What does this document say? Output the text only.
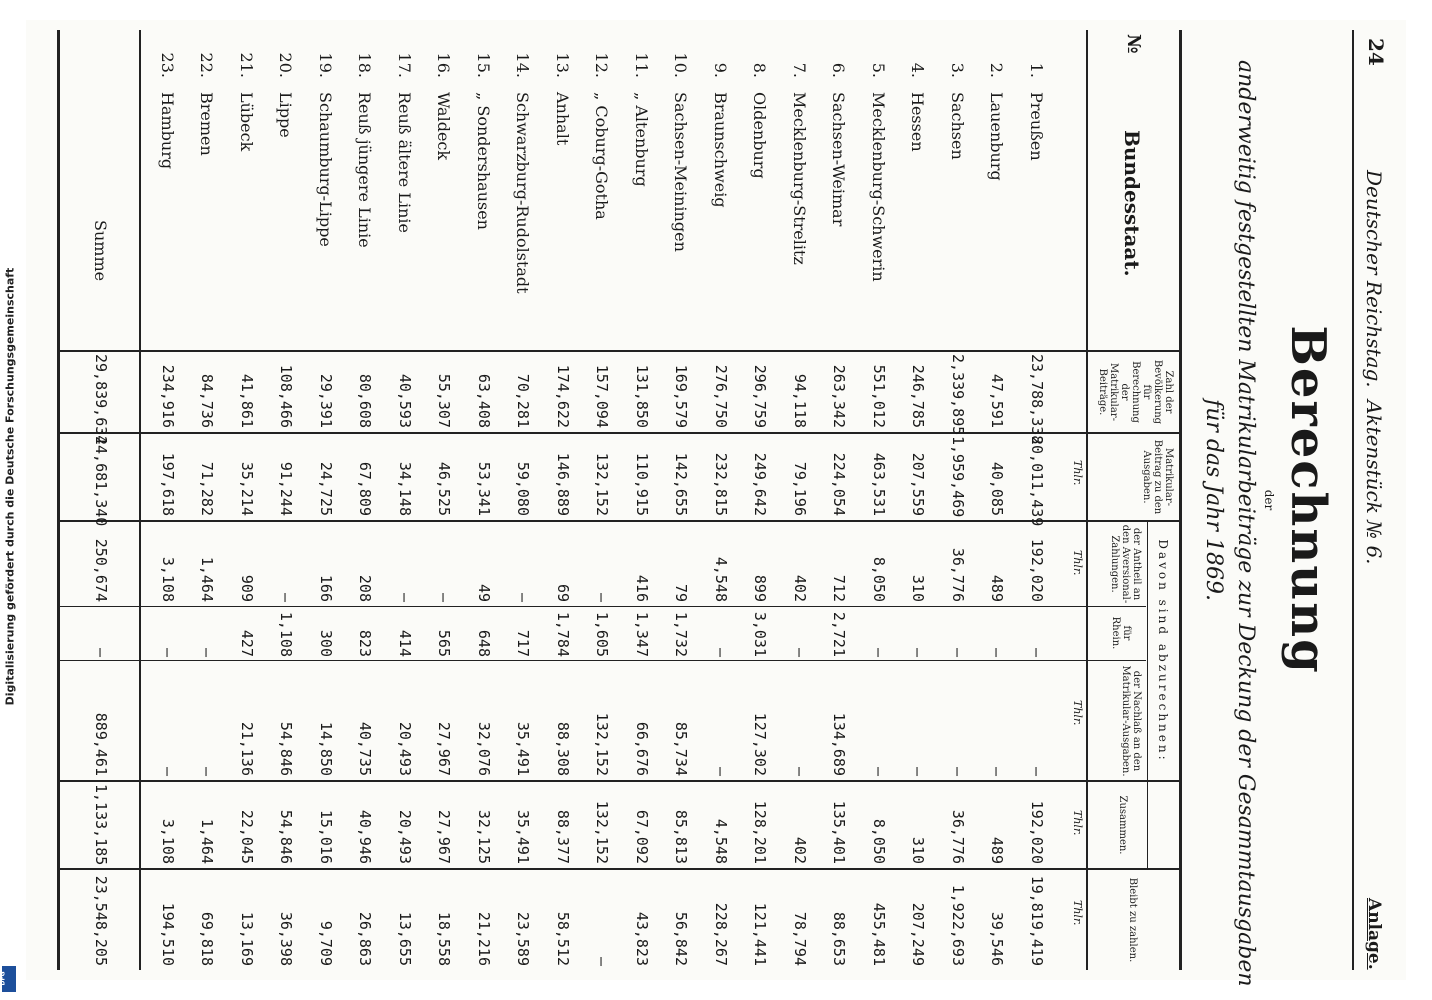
24
Deutscher Reichstag.
Aktenstück № 6.
Anlage.
Berechnung
der
anderweitig festgestellten Matrikularbeiträge zur Deckung der Gesammtausgaben
für das Jahr 1869.
№
Bundesstaat.
Zahl der Bevölkerung für Berechnung der Matrikular-Beiträge.
Matrikular-Beitrag zu den Ausgaben.
Davon sind abzurechnen:
der Antheil an den Aversional-Zahlungen.
für Rhein.
der Nachlaß an den Matrikular-Ausgaben.
Zusammen.
Bleibt zu zahlen.
Thlr.
Thlr.
Thlr.
Thlr.
Thlr.
1.
Preußen
23,788,338
20,011,439
192,020
—
—
192,020
19,819,419
2.
Lauenburg
47,591
40,085
489
—
—
489
39,546
3.
Sachsen
2,339,895
1,959,469
36,776
—
—
36,776
1,922,693
4.
Hessen
246,785
207,559
310
—
—
310
207,249
5.
Mecklenburg-Schwerin
551,012
463,531
8,050
—
—
8,050
455,481
6.
Sachsen-Weimar
263,342
224,054
712
2,721
134,689
135,401
88,653
7.
Mecklenburg-Strelitz
94,118
79,196
402
—
—
402
78,794
8.
Oldenburg
296,759
249,642
899
3,031
127,302
128,201
121,441
9.
Braunschweig
276,750
232,815
4,548
—
—
4,548
228,267
10.
Sachsen-Meiningen
169,579
142,655
79
1,732
85,734
85,813
56,842
11.
„ Altenburg
131,850
110,915
416
1,347
66,676
67,092
43,823
12.
„ Coburg-Gotha
157,094
132,152
—
1,605
132,152
132,152
—
13.
Anhalt
174,622
146,889
69
1,784
88,308
88,377
58,512
14.
Schwarzburg-Rudolstadt
70,281
59,080
—
717
35,491
35,491
23,589
15.
„ Sondershausen
63,408
53,341
49
648
32,076
32,125
21,216
16.
Waldeck
55,307
46,525
—
565
27,967
27,967
18,558
17.
Reuß ältere Linie
40,593
34,148
—
414
20,493
20,493
13,655
18.
Reuß jüngere Linie
80,608
67,809
208
823
40,735
40,946
26,863
19.
Schaumburg-Lippe
29,391
24,725
166
300
14,850
15,016
9,709
20.
Lippe
108,466
91,244
—
1,108
54,846
54,846
36,398
21.
Lübeck
41,861
35,214
909
427
21,136
22,045
13,169
22.
Bremen
84,736
71,282
1,464
—
—
1,464
69,818
23.
Hamburg
234,916
197,618
3,108
—
—
3,108
194,510
Summe
29,839,634
24,681,340
250,674
—
889,461
1,133,185
23,548,205
Digitalisierung gefördert durch die Deutsche Forschungsgemeinschaft
DFG
